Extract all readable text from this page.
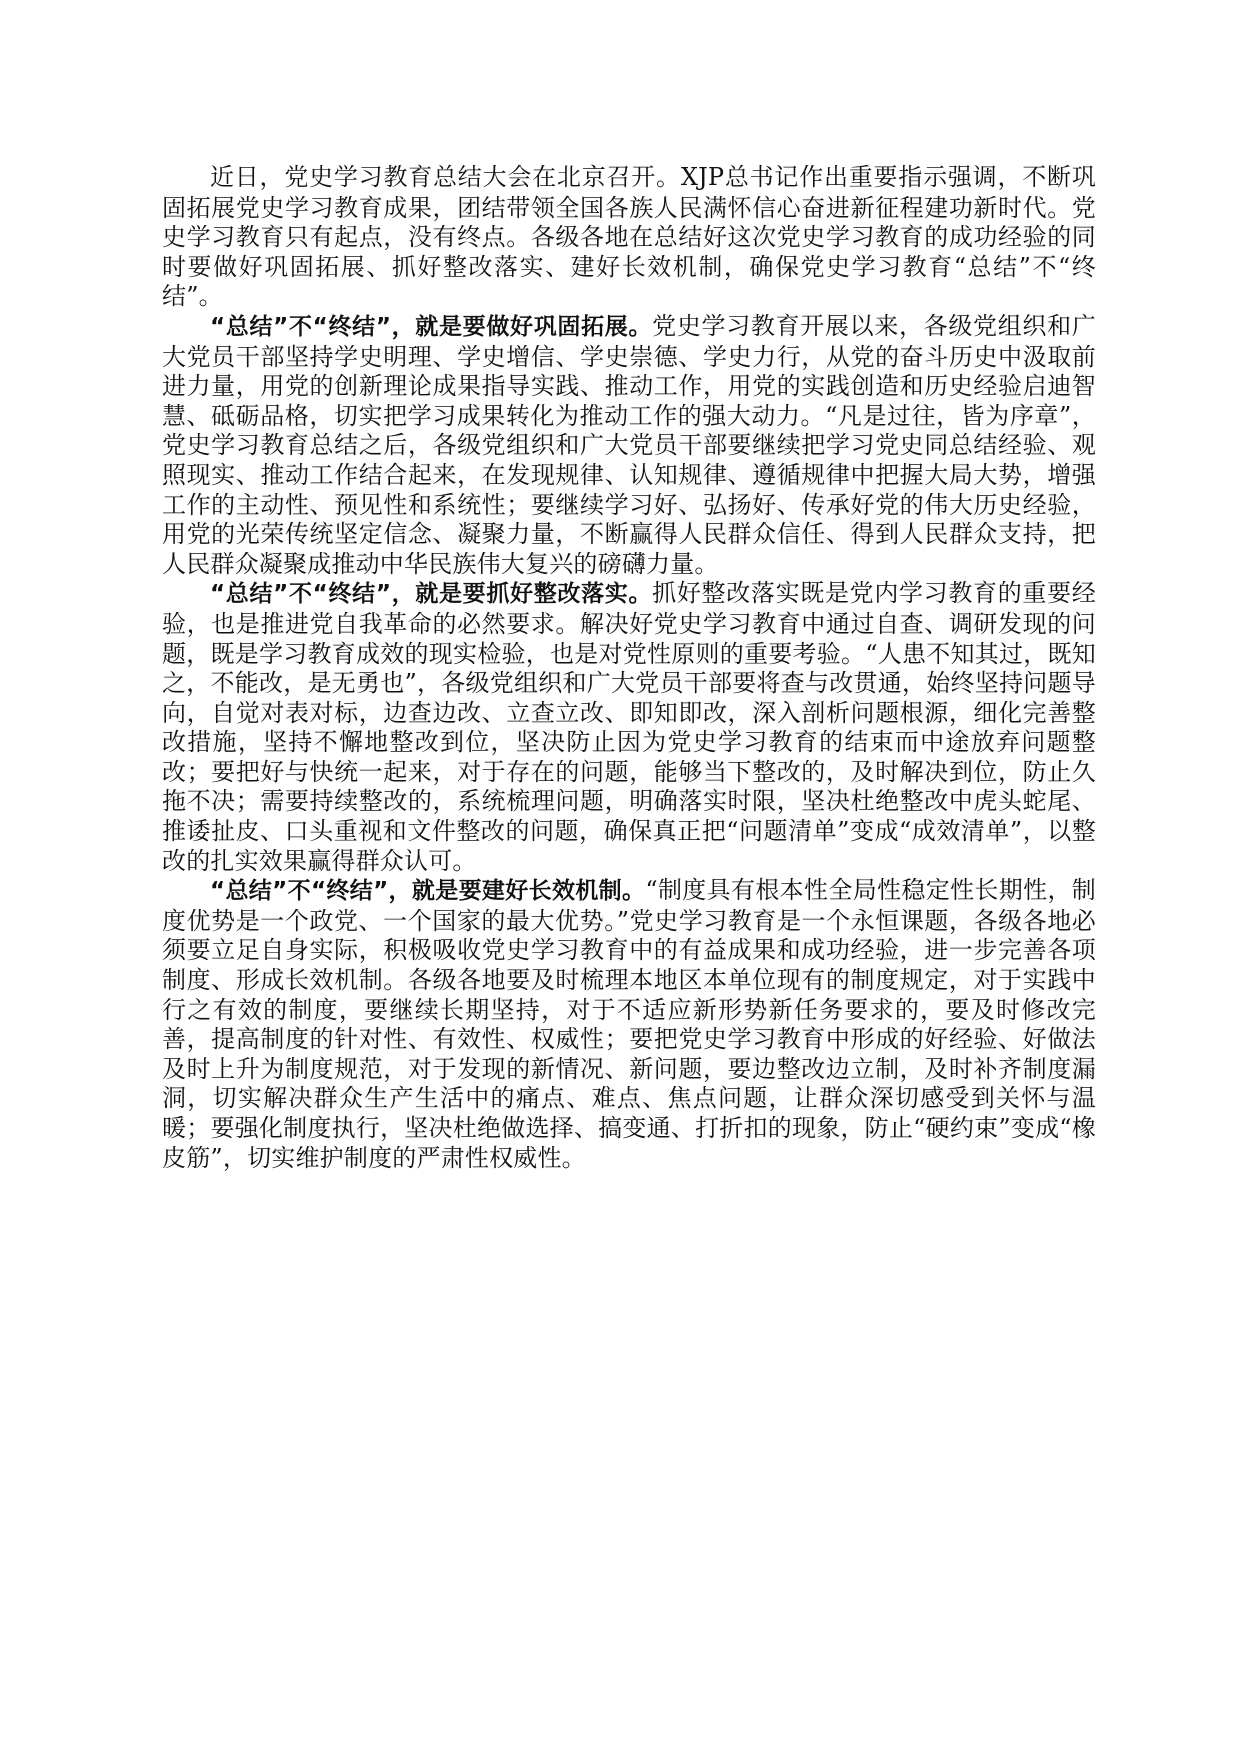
近日，党史学习教育总结大会在北京召开。XJP总书记作出重要指示强调，不断巩固拓展党史学习教育成果，团结带领全国各族人民满怀信心奋进新征程建功新时代。党史学习教育只有起点，没有终点。各级各地在总结好这次党史学习教育的成功经验的同时要做好巩固拓展、抓好整改落实、建好长效机制，确保党史学习教育“总结”不“终结”。

“总结”不“终结”，就是要做好巩固拓展。党史学习教育开展以来，各级党组织和广大党员干部坚持学史明理、学史增信、学史崇德、学史力行，从党的奋斗历史中汲取前进力量，用党的创新理论成果指导实践、推动工作，用党的实践创造和历史经验启迪智慧、砥砺品格，切实把学习成果转化为推动工作的强大动力。“凡是过往，皆为序章”，党史学习教育总结之后，各级党组织和广大党员干部要继续把学习党史同总结经验、观照现实、推动工作结合起来，在发现规律、认知规律、遵循规律中把握大局大势，增强工作的主动性、预见性和系统性；要继续学习好、弘扬好、传承好党的伟大历史经验，用党的光荣传统坚定信念、凝聚力量，不断赢得人民群众信任、得到人民群众支持，把人民群众凝聚成推动中华民族伟大复兴的磅礴力量。

“总结”不“终结”，就是要抓好整改落实。抓好整改落实既是党内学习教育的重要经验，也是推进党自我革命的必然要求。解决好党史学习教育中通过自查、调研发现的问题，既是学习教育成效的现实检验，也是对党性原则的重要考验。“人患不知其过，既知之，不能改，是无勇也”，各级党组织和广大党员干部要将查与改贯通，始终坚持问题导向，自觉对表对标，边查边改、立查立改、即知即改，深入剖析问题根源，细化完善整改措施，坚持不懈地整改到位，坚决防止因为党史学习教育的结束而中途放弃问题整改；要把好与快统一起来，对于存在的问题，能够当下整改的，及时解决到位，防止久拖不决；需要持续整改的，系统梳理问题，明确落实时限，坚决杜绝整改中虎头蛇尾、推诿扯皮、口头重视和文件整改的问题，确保真正把“问题清单”变成“成效清单”，以整改的扎实效果赢得群众认可。

“总结”不“终结”，就是要建好长效机制。“制度具有根本性全局性稳定性长期性，制度优势是一个政党、一个国家的最大优势。”党史学习教育是一个永恒课题，各级各地必须要立足自身实际，积极吸收党史学习教育中的有益成果和成功经验，进一步完善各项制度、形成长效机制。各级各地要及时梳理本地区本单位现有的制度规定，对于实践中行之有效的制度，要继续长期坚持，对于不适应新形势新任务要求的，要及时修改完善，提高制度的针对性、有效性、权威性；要把党史学习教育中形成的好经验、好做法及时上升为制度规范，对于发现的新情况、新问题，要边整改边立制，及时补齐制度漏洞，切实解决群众生产生活中的痛点、难点、焦点问题，让群众深切感受到关怀与温暖；要强化制度执行，坚决杜绝做选择、搞变通、打折扣的现象，防止“硬约束”变成“橡皮筋”，切实维护制度的严肃性权威性。
